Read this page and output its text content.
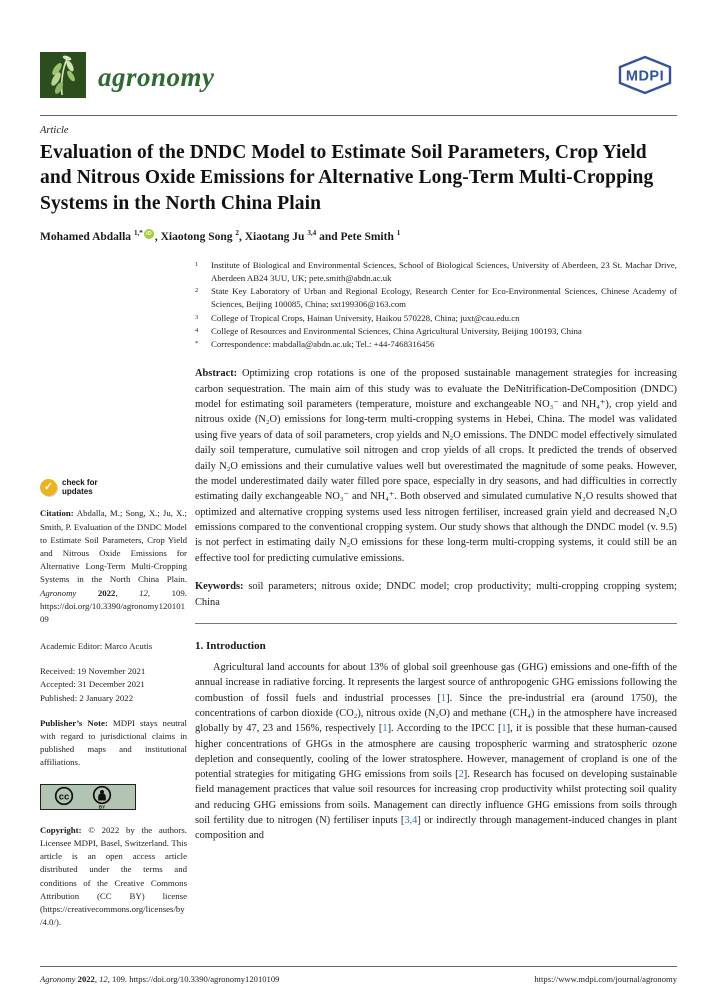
agronomy	MDPI
Article
Evaluation of the DNDC Model to Estimate Soil Parameters, Crop Yield and Nitrous Oxide Emissions for Alternative Long-Term Multi-Cropping Systems in the North China Plain
Mohamed Abdalla $^{1,*}$ iD , Xiaotong Song $^2$, Xiaotang Ju $^{3,4}$ and Pete Smith $^1$
1	Institute of Biological and Environmental Sciences, School of Biological Sciences, University of Aberdeen, 23 St. Machar Drive, Aberdeen AB24 3UU, UK; pete.smith@abdn.ac.uk
2	State Key Laboratory of Urban and Regional Ecology, Research Center for Eco-Environmental Sciences, Chinese Academy of Sciences, Beijing 100085, China; sxt199306@163.com
3	College of Tropical Crops, Hainan University, Haikou 570228, China; juxt@cau.edu.cn
4	College of Resources and Environmental Sciences, China Agricultural University, Beijing 100193, China
*	Correspondence: mabdalla@abdn.ac.uk; Tel.: +44-7468316456

Abstract: Optimizing crop rotations is one of the proposed sustainable management strategies for increasing carbon sequestration. The main aim of this study was to evaluate the DeNitrification-DeComposition (DNDC) model for estimating soil parameters (temperature, moisture and exchangeable NO₃⁻ and NH₄⁺), crop yield and nitrous oxide (N₂O) emissions for long-term multi-cropping systems in Hebei, China. The model was validated using five years of data of soil parameters, crop yields and N₂O emissions. The DNDC model effectively simulated daily soil temperature, cumulative soil nitrogen and crop yields of all crops. It predicted the trends of observed daily N₂O emissions and their cumulative values well but overestimated the magnitude of some peaks. However, the model underestimated daily water filled pore space, especially in dry seasons, and had difficulties in correctly estimating daily exchangeable NO₃⁻ and NH₄⁺. Both observed and simulated cumulative N₂O results showed that optimized and alternative cropping systems used less nitrogen fertiliser, increased grain yield and decreased N₂O emissions compared to the conventional cropping system. Our study shows that although the DNDC model (v. 9.5) is not perfect in estimating daily N₂O emissions for these long-term multi-cropping systems, it could still be an effective tool for predicting cumulative emissions.

Keywords: soil parameters; nitrous oxide; DNDC model; crop productivity; multi-cropping cropping system; China

1. Introduction

Agricultural land accounts for about 13% of global soil greenhouse gas (GHG) emissions and one-fifth of the annual increase in radiative forcing. It represents the largest source of anthropogenic GHG emissions following the combustion of fossil fuels and industrial processes [1]. Since the pre-industrial era (around 1750), the concentrations of carbon dioxide (CO₂), nitrous oxide (N₂O) and methane (CH₄) in the atmosphere have increased globally by 47, 23 and 156%, respectively [1]. According to the IPCC [1], it is possible that these human-caused higher concentrations of GHGs in the atmosphere are causing tropospheric warming and stratospheric ozone depletion and consequently, cooling of the lower stratosphere. However, management of cropland is one of the potential strategies for mitigating GHG emissions from soils [2]. Research has focused on developing sustainable field management practices that value soil resources for increasing crop productivity whilst protecting soil quality and reducing GHG emissions from soils. Management can directly influence GHG emissions from soils through soil fertility due to nitrogen (N) fertiliser inputs [3,4] or indirectly through management-induced changes in plant composition and

✓	check for
updates

Citation: Abdalla, M.; Song, X.; Ju, X.; Smith, P. Evaluation of the DNDC Model to Estimate Soil Parameters, Crop Yield and Nitrous Oxide Emissions for Alternative Long-Term Multi-Cropping Systems in the North China Plain. Agronomy 2022, 12, 109. https://doi.org/10.3390/agronomy12010109

Academic Editor: Marco Acutis

Received: 19 November 2021
Accepted: 31 December 2021
Published: 2 January 2022

Publisher’s Note: MDPI stays neutral with regard to jurisdictional claims in published maps and institutional affiliations.

cc
BY

Copyright: © 2022 by the authors. Licensee MDPI, Basel, Switzerland. This article is an open access article distributed under the terms and conditions of the Creative Commons Attribution (CC BY) license (https://creativecommons.org/licenses/by/4.0/).

Agronomy 2022, 12, 109. https://doi.org/10.3390/agronomy12010109	https://www.mdpi.com/journal/agronomy
